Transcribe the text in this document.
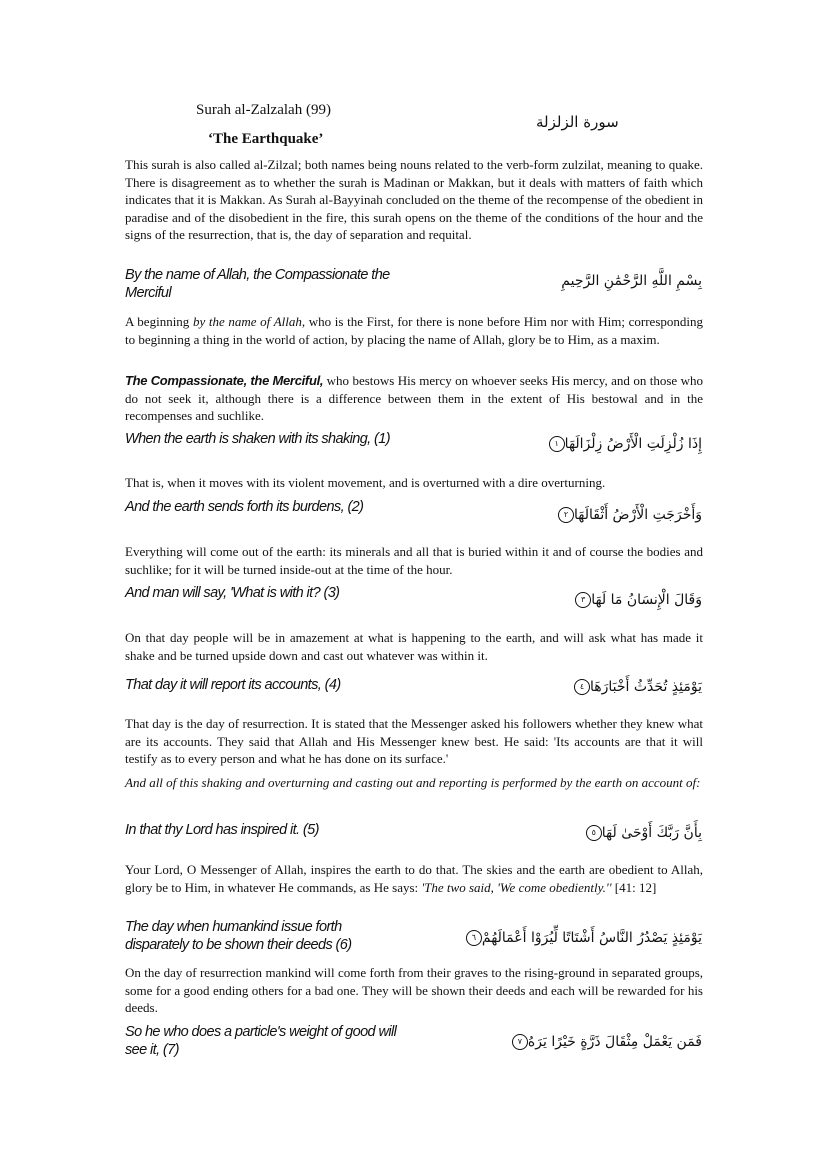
Surah al-Zalzalah (99)
‘The Earthquake’
سورة الزلزلة

This surah is also called al-Zilzal; both names being nouns related to the verb-form zulzilat, meaning to quake. There is disagreement as to whether the surah is Madinan or Makkan, but it deals with matters of faith which indicates that it is Makkan. As Surah al-Bayyinah concluded on the theme of the recompense of the obedient in paradise and of the disobedient in the fire, this surah opens on the theme of the conditions of the hour and the signs of the resurrection, that is, the day of separation and requital.

By the name of Allah, the Compassionate the Merciful
بِسْمِ اللَّهِ الرَّحْمَٰنِ الرَّحِيمِ

A beginning by the name of Allah, who is the First, for there is none before Him nor with Him; corresponding to beginning a thing in the world of action, by placing the name of Allah, glory be to Him, as a maxim.

The Compassionate, the Merciful, who bestows His mercy on whoever seeks His mercy, and on those who do not seek it, although there is a difference between them in the extent of His bestowal and in the recompenses and suchlike.

When the earth is shaken with its shaking, (1)	إِذَا زُلْزِلَتِ الْأَرْضُ زِلْزَالَهَا١

That is, when it moves with its violent movement, and is overturned with a dire overturning.

And the earth sends forth its burdens, (2)	وَأَخْرَجَتِ الْأَرْضُ أَثْقَالَهَا٢

Everything will come out of the earth: its minerals and all that is buried within it and of course the bodies and suchlike; for it will be turned inside-out at the time of the hour.

And man will say, 'What is with it? (3)	وَقَالَ الْإِنسَانُ مَا لَهَا٣

On that day people will be in amazement at what is happening to the earth, and will ask what has made it shake and be turned upside down and cast out whatever was within it.

That day it will report its accounts, (4)	يَوْمَئِذٍ تُحَدِّثُ أَخْبَارَهَا٤

That day is the day of resurrection. It is stated that the Messenger asked his followers whether they knew what are its accounts. They said that Allah and His Messenger knew best. He said: 'Its accounts are that it will testify as to every person and what he has done on its surface.'

And all of this shaking and overturning and casting out and reporting is performed by the earth on account of:

In that thy Lord has inspired it. (5)	بِأَنَّ رَبَّكَ أَوْحَىٰ لَهَا٥

Your Lord, O Messenger of Allah, inspires the earth to do that. The skies and the earth are obedient to Allah, glory be to Him, in whatever He commands, as He says: 'The two said, 'We come obediently.'' [41: 12]

The day when humankind issue forth disparately to be shown their deeds (6)	يَوْمَئِذٍ يَصْدُرُ النَّاسُ أَشْتَاتًا لِّيُرَوْا أَعْمَالَهُمْ٦

On the day of resurrection mankind will come forth from their graves to the rising-ground in separated groups, some for a good ending others for a bad one. They will be shown their deeds and each will be rewarded for his deeds.

So he who does a particle's weight of good will see it, (7)	فَمَن يَعْمَلْ مِثْقَالَ ذَرَّةٍ خَيْرًا يَرَهُ٧
